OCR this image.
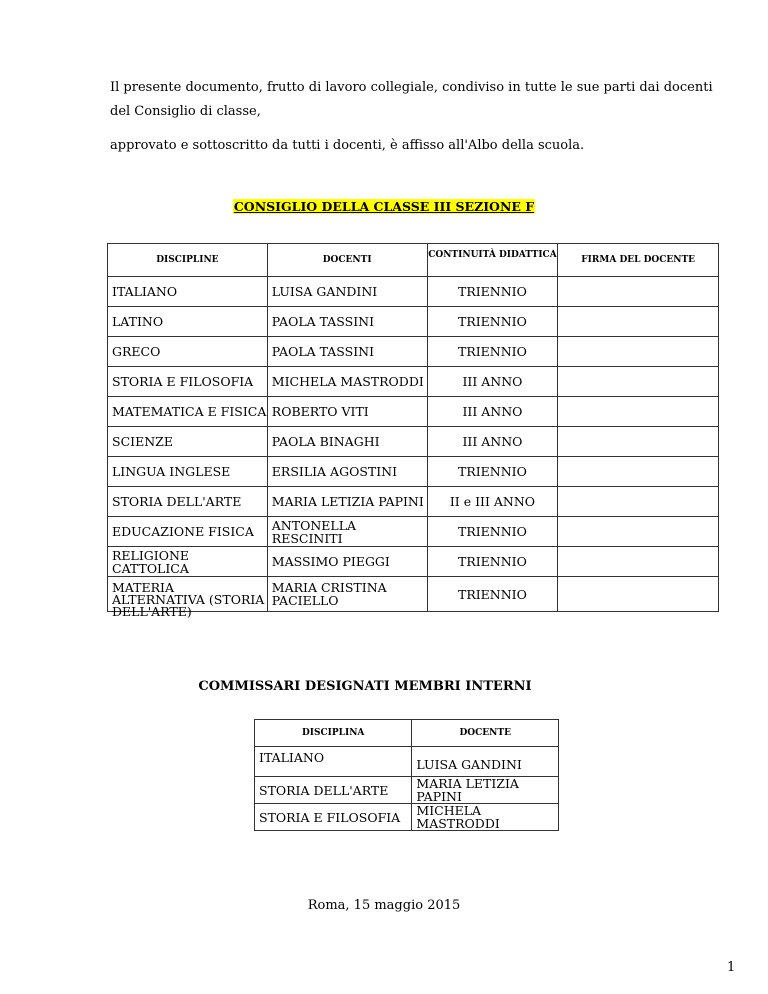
Il presente documento, frutto di lavoro collegiale, condiviso in tutte le sue parti dai docenti del Consiglio di classe,
approvato e sottoscritto da tutti i docenti, è affisso all'Albo della scuola.
CONSIGLIO DELLA CLASSE III SEZIONE F
DISCIPLINE	DOCENTI	CONTINUITÀ DIDATTICA	FIRMA DEL DOCENTE
ITALIANO	LUISA GANDINI	TRIENNIO	
LATINO	PAOLA TASSINI	TRIENNIO	
GRECO	PAOLA TASSINI	TRIENNIO	
STORIA E FILOSOFIA	MICHELA MASTRODDI	III ANNO	
MATEMATICA E FISICA	ROBERTO VITI	III ANNO	
SCIENZE	PAOLA BINAGHI	III ANNO	
LINGUA INGLESE	ERSILIA AGOSTINI	TRIENNIO	
STORIA DELL'ARTE	MARIA LETIZIA PAPINI	II e III ANNO	
EDUCAZIONE FISICA	ANTONELLA RESCINITI	TRIENNIO	
RELIGIONE CATTOLICA	MASSIMO PIEGGI	TRIENNIO	

MATERIA ALTERNATIVA (STORIA DELL'ARTE)	MARIA CRISTINA PACIELLO	TRIENNIO	
COMMISSARI DESIGNATI MEMBRI INTERNI
DISCIPLINA	DOCENTE
ITALIANO	LUISA GANDINI
STORIA DELL'ARTE	MARIA LETIZIA PAPINI
STORIA E FILOSOFIA	MICHELA MASTRODDI
Roma, 15 maggio 2015
1
